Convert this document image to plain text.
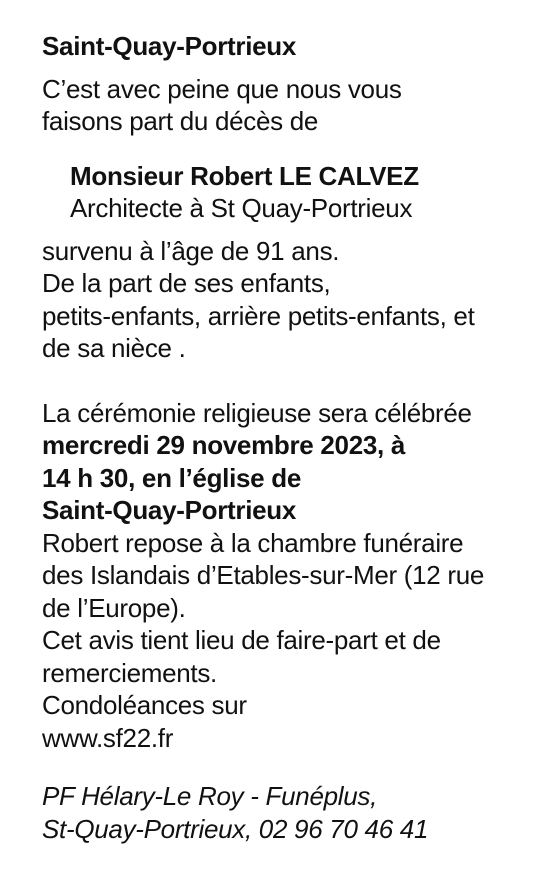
Saint-Quay-Portrieux

C’est avec peine que nous vous
faisons part du décès de

Monsieur Robert LE CALVEZ
Architecte à St Quay-Portrieux

survenu à l’âge de 91 ans.
De la part de ses enfants,
petits-enfants, arrière petits-enfants, et
de sa nièce .

La cérémonie religieuse sera célébrée

mercredi 29 novembre 2023, à
14 h 30, en l’église de
Saint-Quay-Portrieux

Robert repose à la chambre funéraire
des Islandais d’Etables-sur-Mer (12 rue
de l’Europe).
Cet avis tient lieu de faire-part et de
remerciements.
Condoléances sur
www.sf22.fr

PF Hélary-Le Roy - Funéplus,
St-Quay-Portrieux, 02 96 70 46 41
